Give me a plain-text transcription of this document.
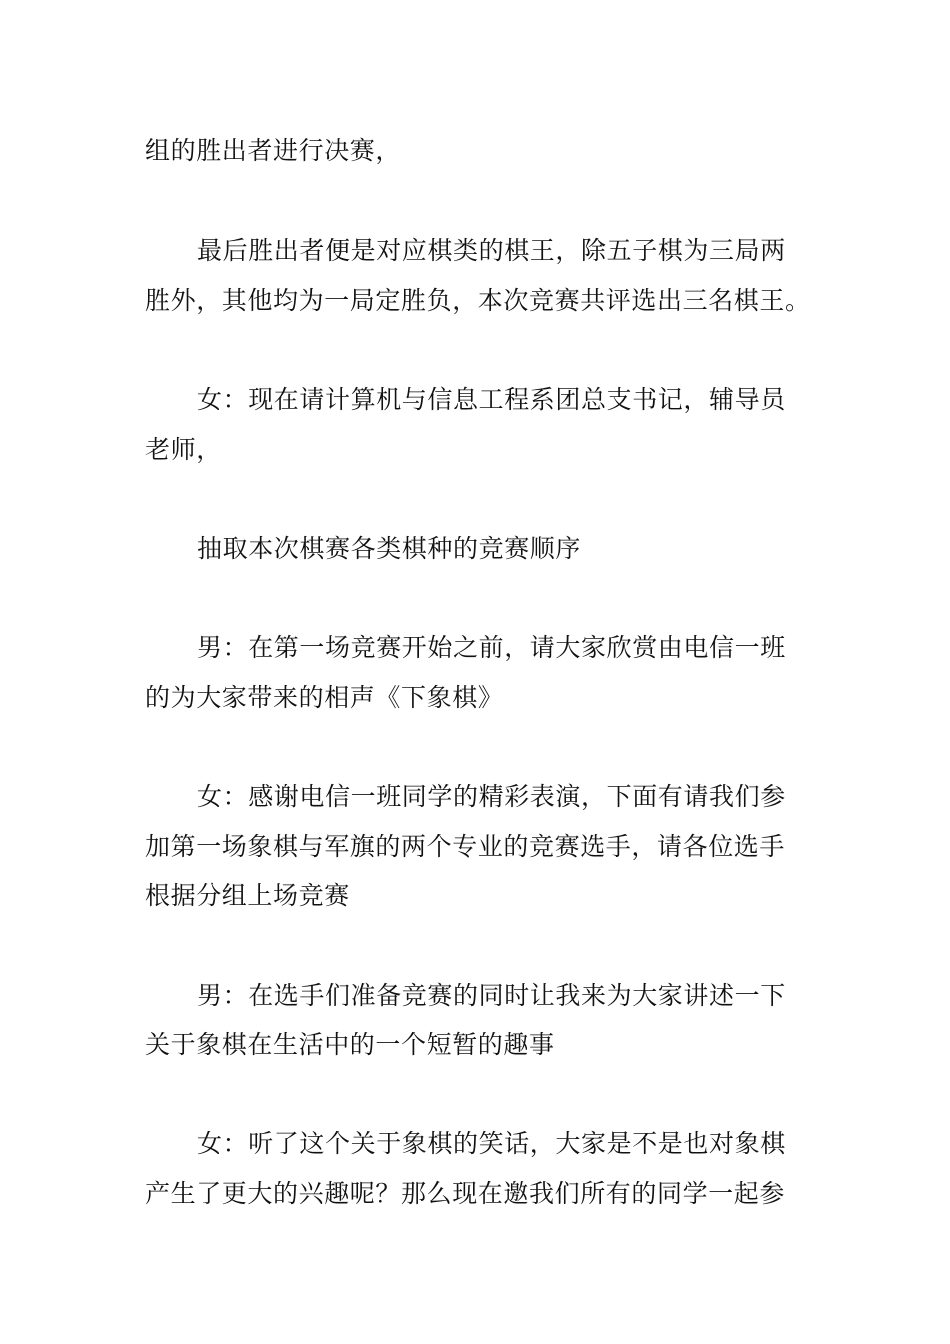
组的胜出者进行决赛，
最后胜出者便是对应棋类的棋王，除五子棋为三局两
胜外，其他均为一局定胜负，本次竞赛共评选出三名棋王。
女：现在请计算机与信息工程系团总支书记，辅导员
老师，
抽取本次棋赛各类棋种的竞赛顺序
男：在第一场竞赛开始之前，请大家欣赏由电信一班
的为大家带来的相声《下象棋》
女：感谢电信一班同学的精彩表演，下面有请我们参
加第一场象棋与军旗的两个专业的竞赛选手，请各位选手
根据分组上场竞赛
男：在选手们准备竞赛的同时让我来为大家讲述一下
关于象棋在生活中的一个短暂的趣事
女：听了这个关于象棋的笑话，大家是不是也对象棋
产生了更大的兴趣呢？那么现在邀我们所有的同学一起参
